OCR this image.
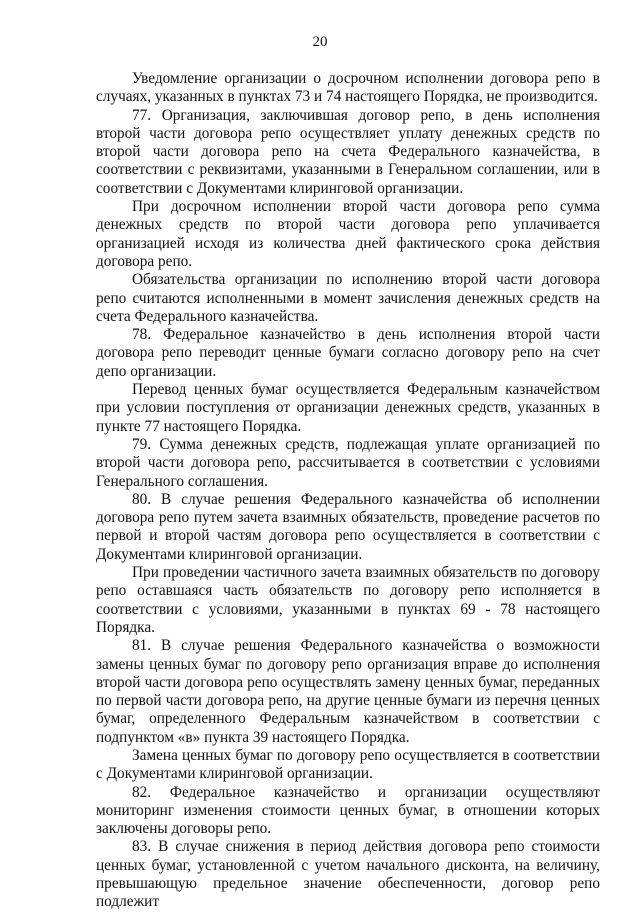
20

Уведомление организации о досрочном исполнении договора репо в случаях, указанных в пунктах 73 и 74 настоящего Порядка, не производится.

77. Организация, заключившая договор репо, в день исполнения второй части договора репо осуществляет уплату денежных средств по второй части договора репо на счета Федерального казначейства, в соответствии с реквизитами, указанными в Генеральном соглашении, или в соответствии с Документами клиринговой организации.

При досрочном исполнении второй части договора репо сумма денежных средств по второй части договора репо уплачивается организацией исходя из количества дней фактического срока действия договора репо.

Обязательства организации по исполнению второй части договора репо считаются исполненными в момент зачисления денежных средств на счета Федерального казначейства.

78. Федеральное казначейство в день исполнения второй части договора репо переводит ценные бумаги согласно договору репо на счет депо организации.

Перевод ценных бумаг осуществляется Федеральным казначейством при условии поступления от организации денежных средств, указанных в пункте 77 настоящего Порядка.

79. Сумма денежных средств, подлежащая уплате организацией по второй части договора репо, рассчитывается в соответствии с условиями Генерального соглашения.

80. В случае решения Федерального казначейства об исполнении договора репо путем зачета взаимных обязательств, проведение расчетов по первой и второй частям договора репо осуществляется в соответствии с Документами клиринговой организации.

При проведении частичного зачета взаимных обязательств по договору репо оставшаяся часть обязательств по договору репо исполняется в соответствии с условиями, указанными в пунктах 69 - 78 настоящего Порядка.

81. В случае решения Федерального казначейства о возможности замены ценных бумаг по договору репо организация вправе до исполнения второй части договора репо осуществлять замену ценных бумаг, переданных по первой части договора репо, на другие ценные бумаги из перечня ценных бумаг, определенного Федеральным казначейством в соответствии с подпунктом «в» пункта 39 настоящего Порядка.

Замена ценных бумаг по договору репо осуществляется в соответствии с Документами клиринговой организации.

82. Федеральное казначейство и организации осуществляют мониторинг изменения стоимости ценных бумаг, в отношении которых заключены договоры репо.

83. В случае снижения в период действия договора репо стоимости ценных бумаг, установленной с учетом начального дисконта, на величину, превышающую предельное значение обеспеченности, договор репо подлежит
